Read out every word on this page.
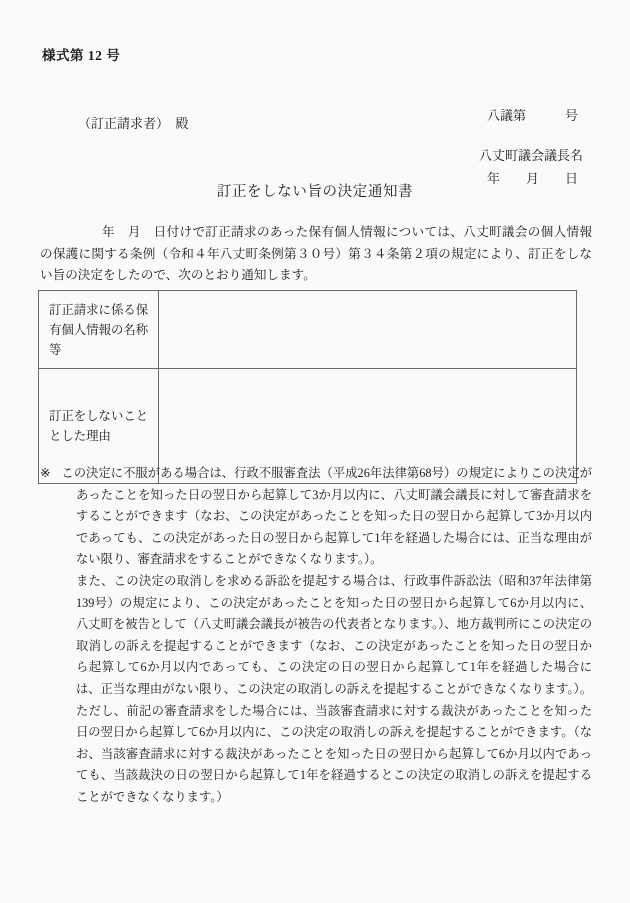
様式第 12 号

八議第　　　号

年　　月　　日

（訂正請求者）　殿
八丈町議会議長名
訂正をしない旨の決定通知書
年　月　日付けで訂正請求のあった保有個人情報については、八丈町議会の個人情報の保護に関する条例（令和４年八丈町条例第３０号）第３４条第２項の規定により、訂正をしない旨の決定をしたので、次のとおり通知します。
訂正請求に係る保有個人情報の名称等	
訂正をしないこととした理由	

※ この決定に不服がある場合は、行政不服審査法（平成26年法律第68号）の規定によりこの決定があったことを知った日の翌日から起算して3か月以内に、八丈町議会議長に対して審査請求をすることができます（なお、この決定があったことを知った日の翌日から起算して3か月以内であっても、この決定があった日の翌日から起算して1年を経過した場合には、正当な理由がない限り、審査請求をすることができなくなります。）。

また、この決定の取消しを求める訴訟を提起する場合は、行政事件訴訟法（昭和37年法律第139号）の規定により、この決定があったことを知った日の翌日から起算して6か月以内に、八丈町を被告として（八丈町議会議長が被告の代表者となります。）、地方裁判所にこの決定の取消しの訴えを提起することができます（なお、この決定があったことを知った日の翌日から起算して6か月以内であっても、この決定の日の翌日から起算して1年を経過した場合には、正当な理由がない限り、この決定の取消しの訴えを提起することができなくなります。）。ただし、前記の審査請求をした場合には、当該審査請求に対する裁決があったことを知った日の翌日から起算して6か月以内に、この決定の取消しの訴えを提起することができます。（なお、当該審査請求に対する裁決があったことを知った日の翌日から起算して6か月以内であっても、当該裁決の日の翌日から起算して1年を経過するとこの決定の取消しの訴えを提起することができなくなります。）
